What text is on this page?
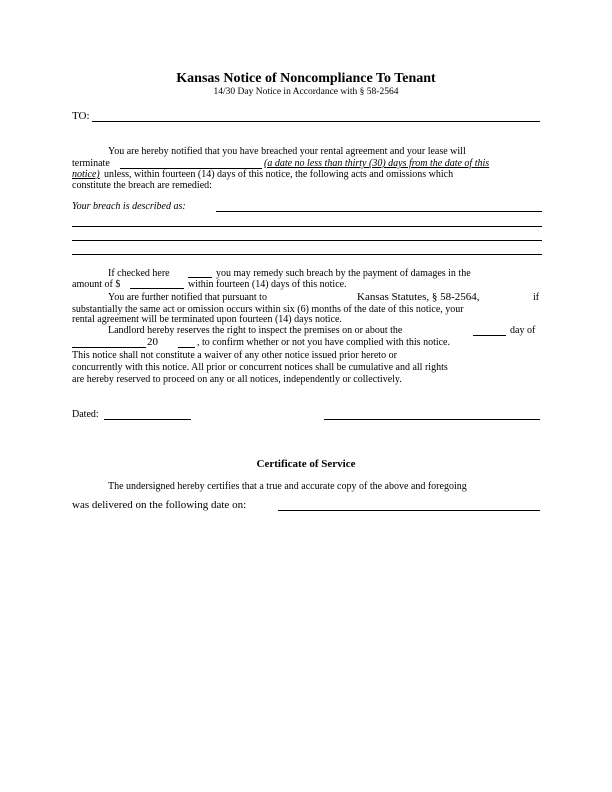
Kansas Notice of Noncompliance To Tenant
14/30 Day Notice in Accordance with § 58-2564
TO:
You are hereby notified that you have breached your rental agreement and your lease will
terminate	(a date no less than thirty (30) days from the date of this
notice) unless, within fourteen (14) days of this notice, the following acts and omissions which
constitute the breach are remedied:
Your breach is described as:
If checked here	you may remedy such breach by the payment of damages in the
amount of $	within fourteen (14) days of this notice.
You are further notified that pursuant to	Kansas Statutes, § 58-2564,	if
substantially the same act or omission occurs within six (6) months of the date of this notice, your
rental agreement will be terminated upon fourteen (14) days notice.
Landlord hereby reserves the right to inspect the premises on or about the	day of
20	, to confirm whether or not you have complied with this notice.
This notice shall not constitute a waiver of any other notice issued prior hereto or
concurrently with this notice. All prior or concurrent notices shall be cumulative and all rights
are hereby reserved to proceed on any or all notices, independently or collectively.
Dated:
Certificate of Service
The undersigned hereby certifies that a true and accurate copy of the above and foregoing
was delivered on the following date on:
